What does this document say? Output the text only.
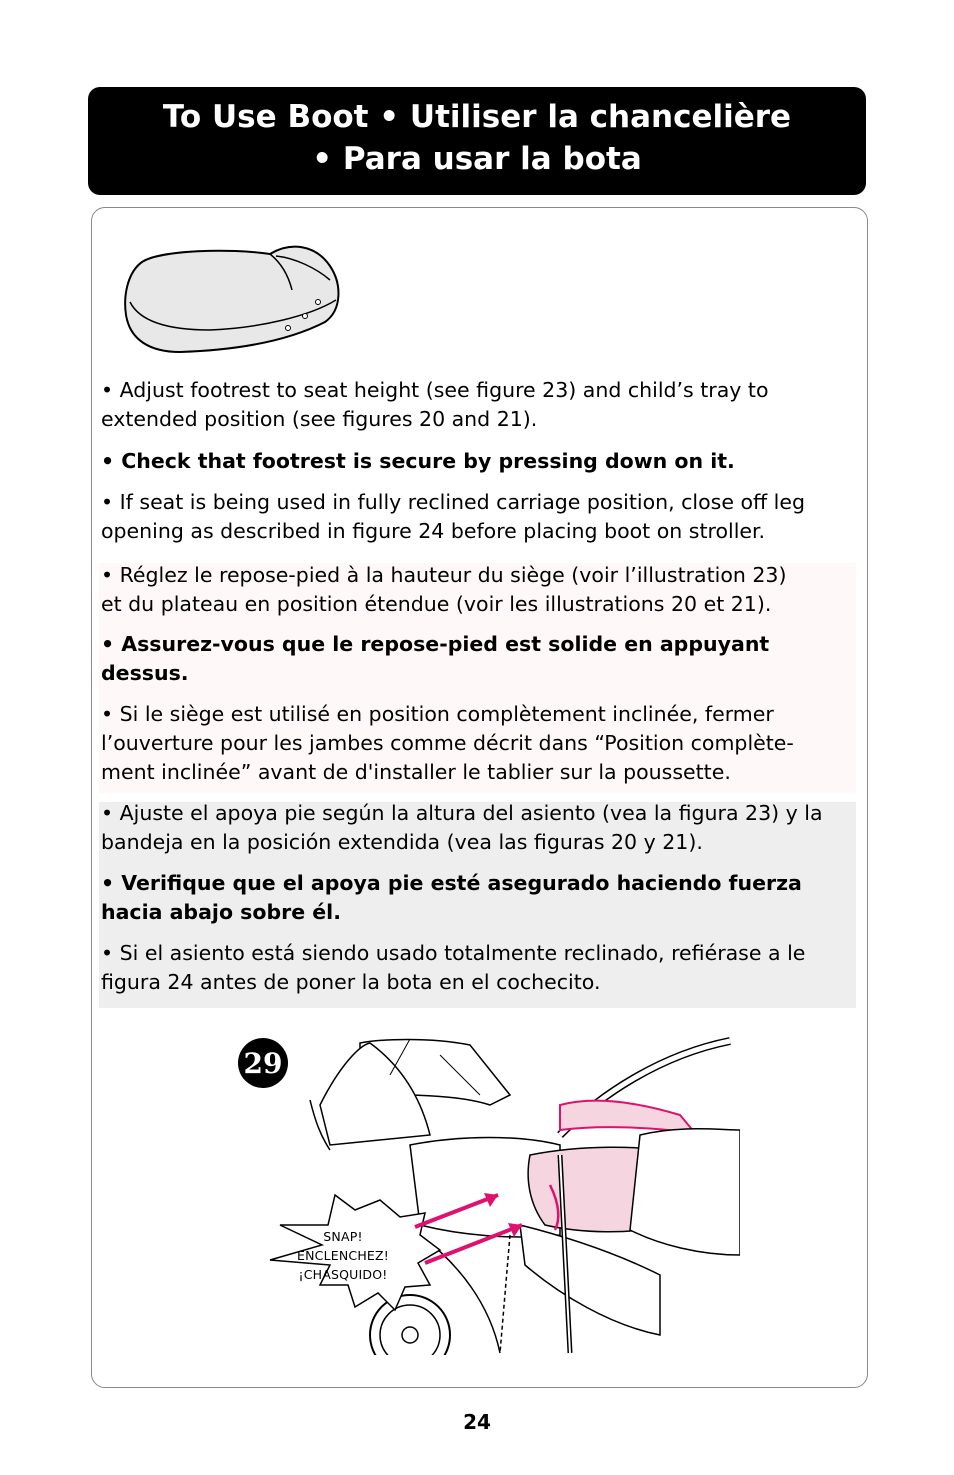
To Use Boot • Utiliser la chancelière
• Para usar la bota
• Adjust footrest to seat height (see figure 23) and child’s tray to
extended position (see figures 20 and 21).
• Check that footrest is secure by pressing down on it.
• If seat is being used in fully reclined carriage position, close off leg
opening as described in figure 24 before placing boot on stroller.
• Réglez le repose-pied à la hauteur du siège (voir l’illustration 23)
et du plateau en position étendue (voir les illustrations 20 et 21).
• Assurez-vous que le repose-pied est solide en appuyant
dessus.
• Si le siège est utilisé en position complètement inclinée, fermer
l’ouverture pour les jambes comme décrit dans “Position complète-
ment inclinée” avant de d'installer le tablier sur la poussette.
• Ajuste el apoya pie según la altura del asiento (vea la figura 23) y la
bandeja en la posición extendida (vea las figuras 20 y 21).
• Verifique que el apoya pie esté asegurado haciendo fuerza
hacia abajo sobre él.
• Si el asiento está siendo usado totalmente reclinado, refiérase a le
figura 24 antes de poner la bota en el cochecito.
29
SNAP!
ENCLENCHEZ!
¡CHASQUIDO!
24
